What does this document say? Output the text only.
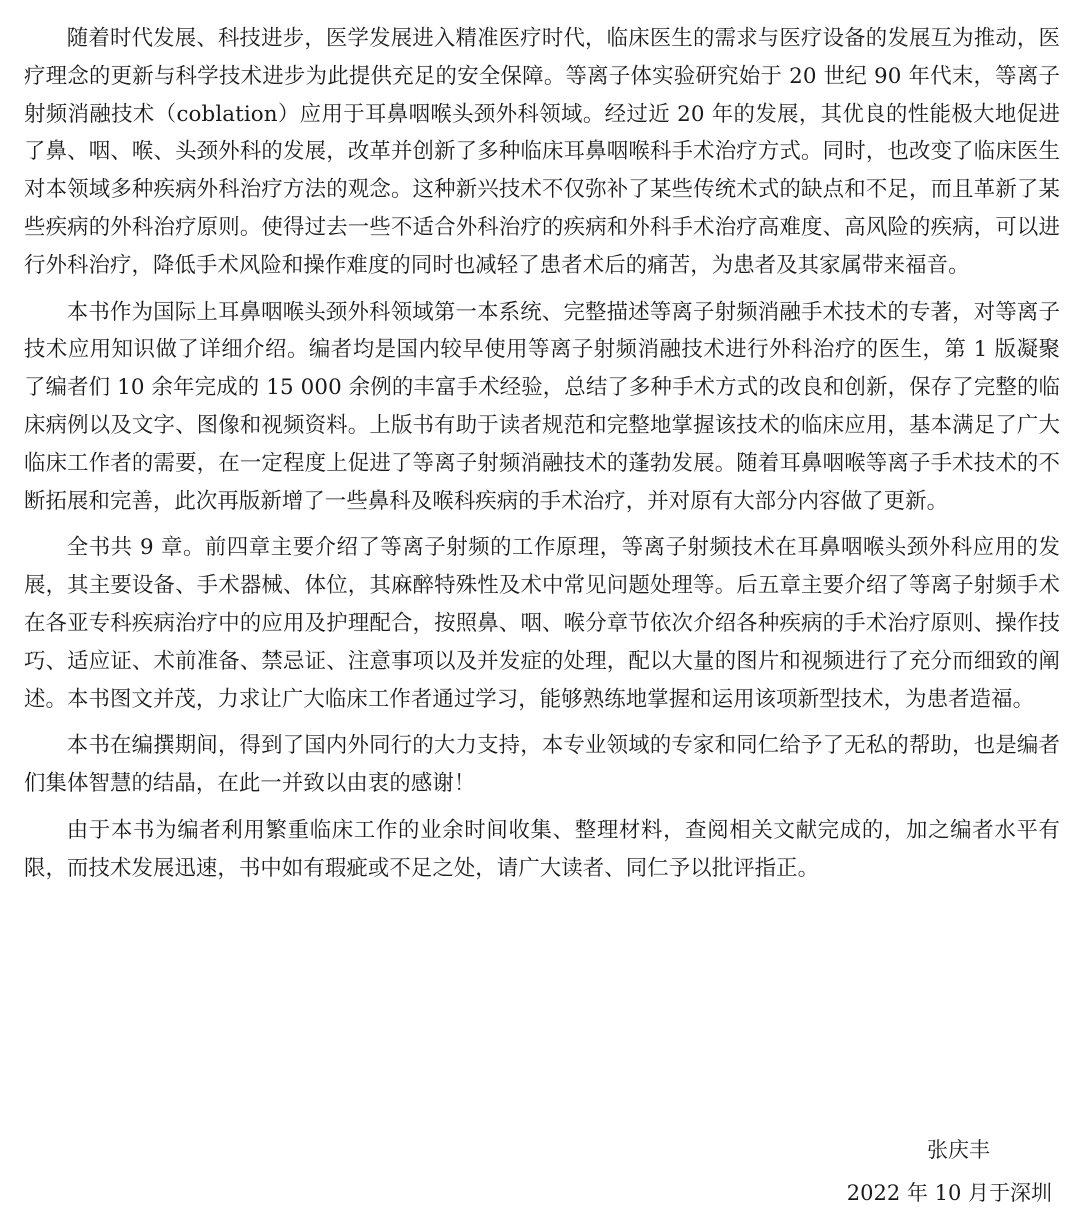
随着时代发展、科技进步，医学发展进入精准医疗时代，临床医生的需求与医疗设备的发展互为推动，医疗理念的更新与科学技术进步为此提供充足的安全保障。等离子体实验研究始于 20 世纪 90 年代末，等离子射频消融技术（coblation）应用于耳鼻咽喉头颈外科领域。经过近 20 年的发展，其优良的性能极大地促进了鼻、咽、喉、头颈外科的发展，改革并创新了多种临床耳鼻咽喉科手术治疗方式。同时，也改变了临床医生对本领域多种疾病外科治疗方法的观念。这种新兴技术不仅弥补了某些传统术式的缺点和不足，而且革新了某些疾病的外科治疗原则。使得过去一些不适合外科治疗的疾病和外科手术治疗高难度、高风险的疾病，可以进行外科治疗，降低手术风险和操作难度的同时也减轻了患者术后的痛苦，为患者及其家属带来福音。

本书作为国际上耳鼻咽喉头颈外科领域第一本系统、完整描述等离子射频消融手术技术的专著，对等离子技术应用知识做了详细介绍。编者均是国内较早使用等离子射频消融技术进行外科治疗的医生，第 1 版凝聚了编者们 10 余年完成的 15 000 余例的丰富手术经验，总结了多种手术方式的改良和创新，保存了完整的临床病例以及文字、图像和视频资料。上版书有助于读者规范和完整地掌握该技术的临床应用，基本满足了广大临床工作者的需要，在一定程度上促进了等离子射频消融技术的蓬勃发展。随着耳鼻咽喉等离子手术技术的不断拓展和完善，此次再版新增了一些鼻科及喉科疾病的手术治疗，并对原有大部分内容做了更新。

全书共 9 章。前四章主要介绍了等离子射频的工作原理，等离子射频技术在耳鼻咽喉头颈外科应用的发展，其主要设备、手术器械、体位，其麻醉特殊性及术中常见问题处理等。后五章主要介绍了等离子射频手术在各亚专科疾病治疗中的应用及护理配合，按照鼻、咽、喉分章节依次介绍各种疾病的手术治疗原则、操作技巧、适应证、术前准备、禁忌证、注意事项以及并发症的处理，配以大量的图片和视频进行了充分而细致的阐述。本书图文并茂，力求让广大临床工作者通过学习，能够熟练地掌握和运用该项新型技术，为患者造福。

本书在编撰期间，得到了国内外同行的大力支持，本专业领域的专家和同仁给予了无私的帮助，也是编者们集体智慧的结晶，在此一并致以由衷的感谢！

由于本书为编者利用繁重临床工作的业余时间收集、整理材料，查阅相关文献完成的，加之编者水平有限，而技术发展迅速，书中如有瑕疵或不足之处，请广大读者、同仁予以批评指正。

张庆丰
2022 年 10 月于深圳
